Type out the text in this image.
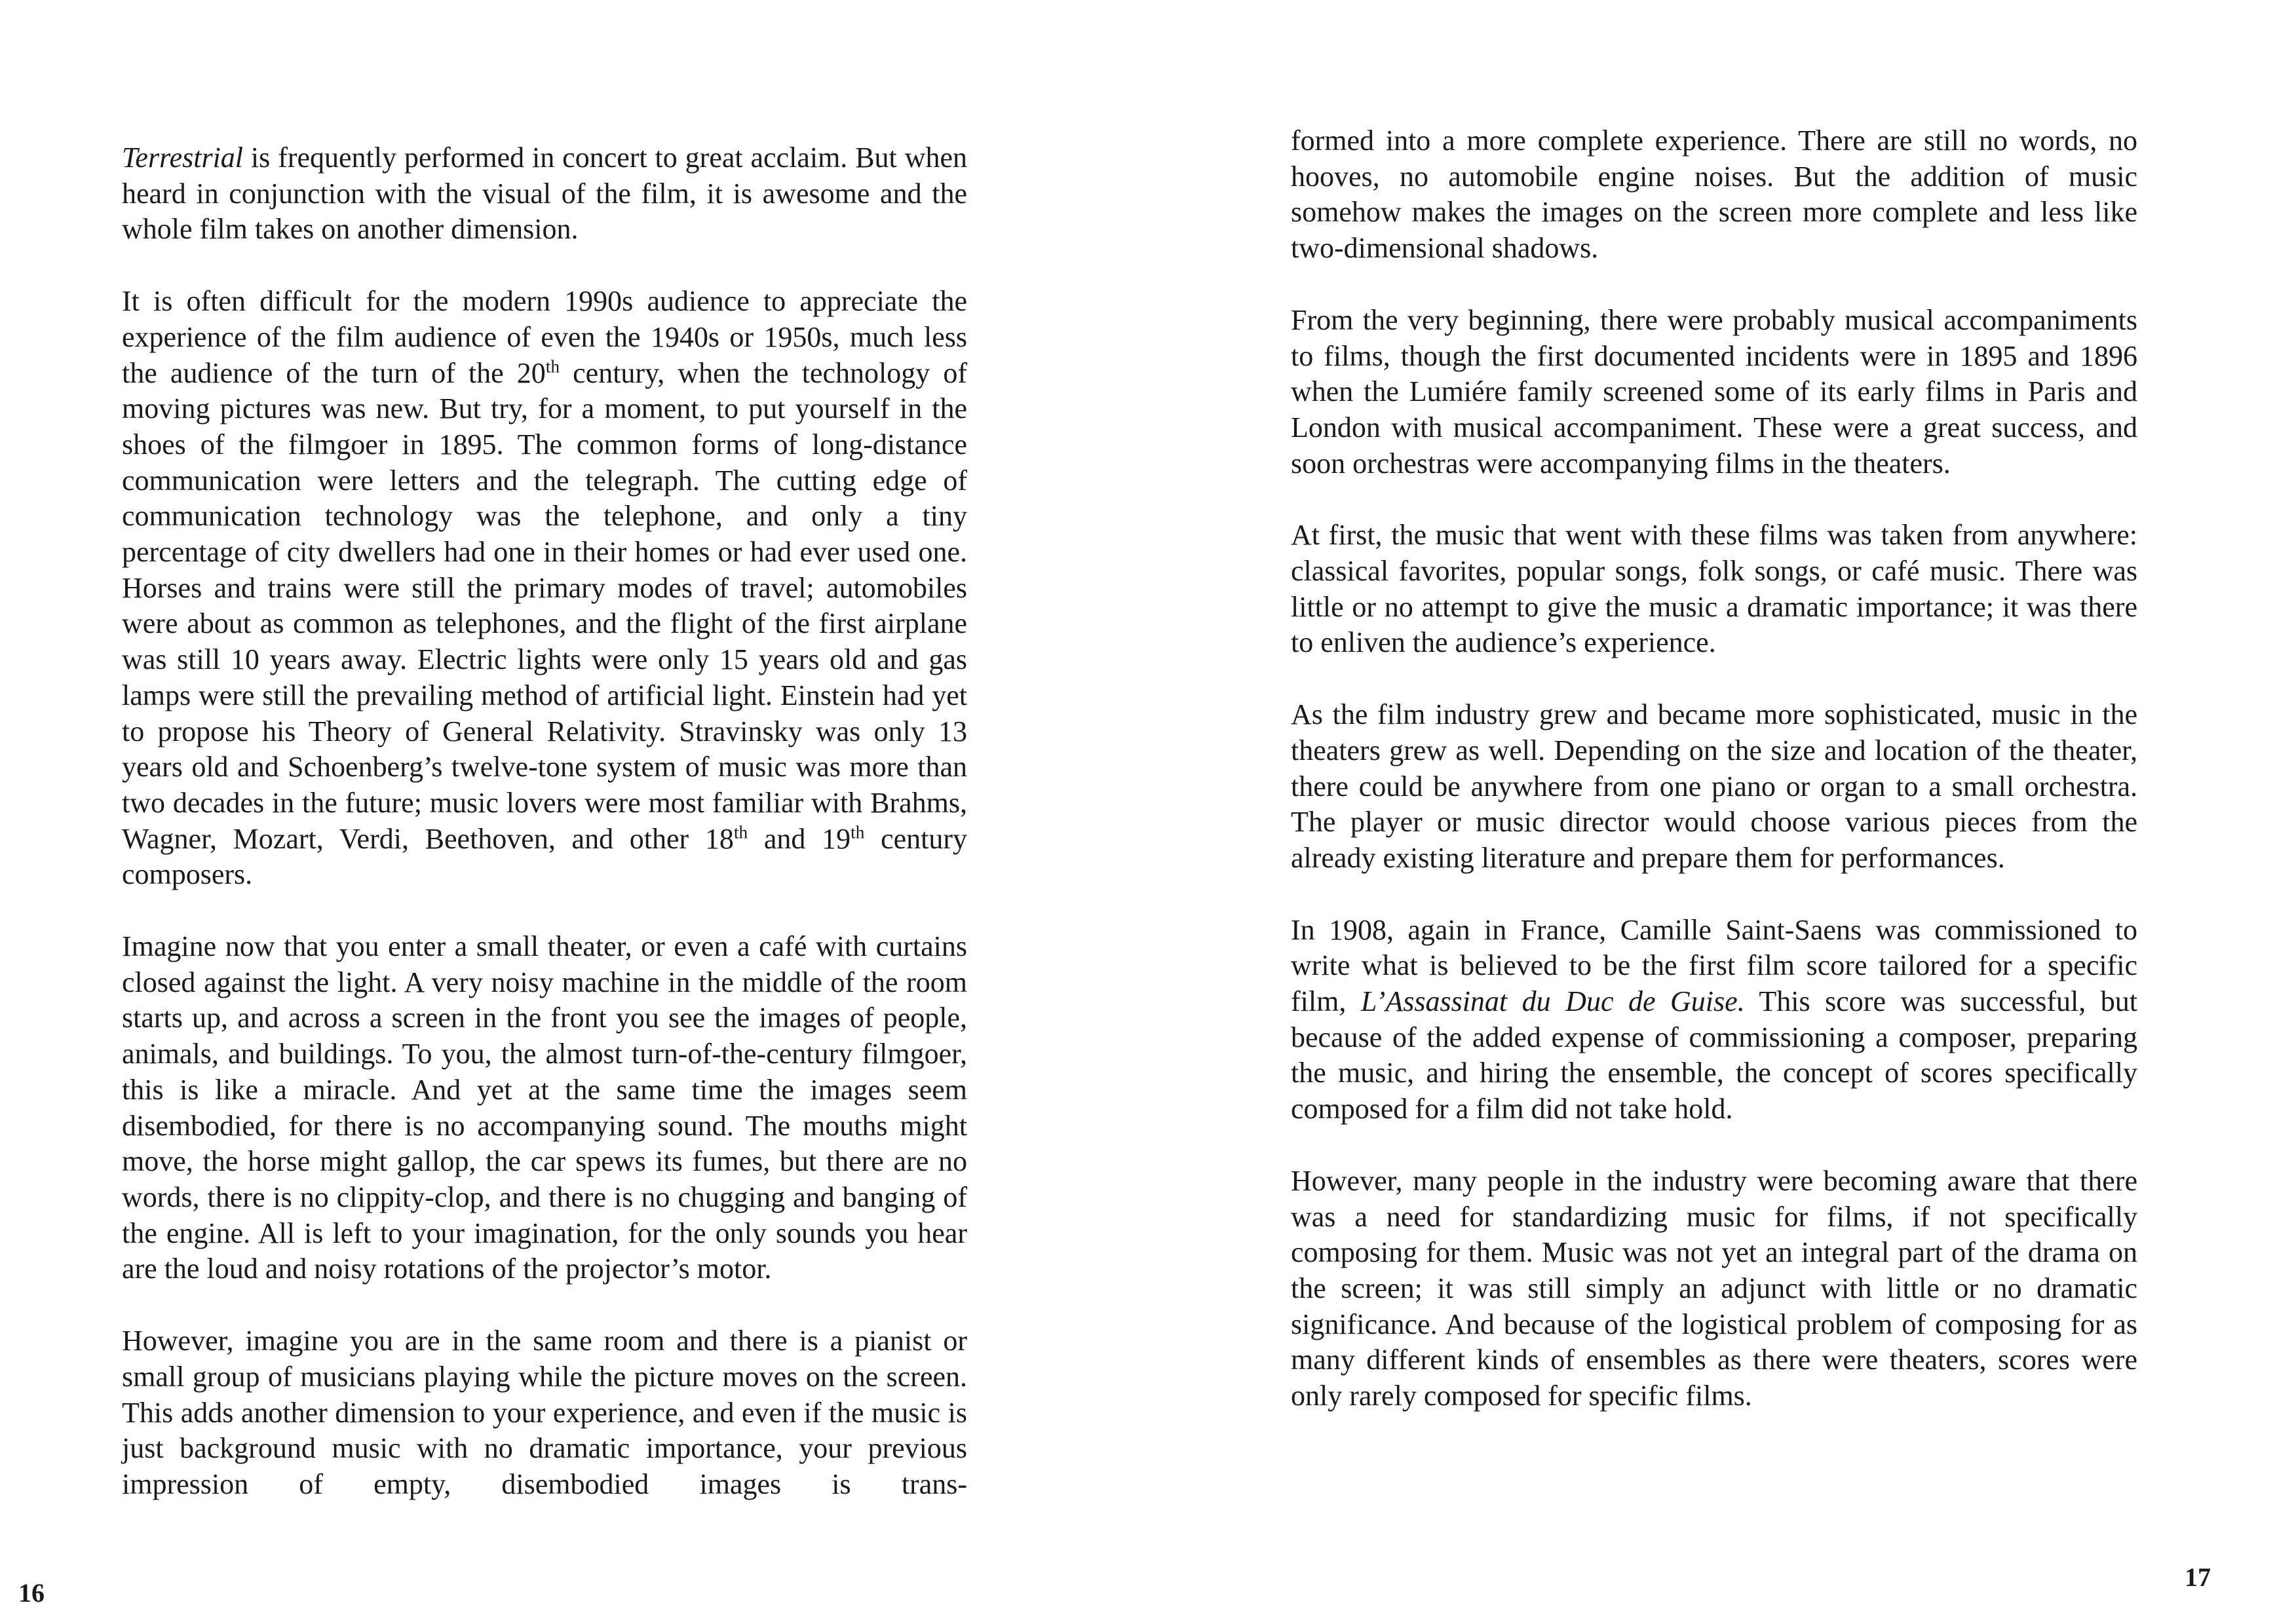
Terrestrial is frequently performed in concert to great acclaim. But when heard in conjunction with the visual of the film, it is awesome and the whole film takes on another dimension.

It is often difficult for the modern 1990s audience to appreciate the experience of the film audience of even the 1940s or 1950s, much less the audience of the turn of the 20th century, when the technology of moving pictures was new. But try, for a moment, to put yourself in the shoes of the filmgoer in 1895. The common forms of long-distance communication were letters and the telegraph. The cutting edge of communication technology was the telephone, and only a tiny percentage of city dwellers had one in their homes or had ever used one. Horses and trains were still the primary modes of travel; automobiles were about as common as telephones, and the flight of the first airplane was still 10 years away. Electric lights were only 15 years old and gas lamps were still the prevailing method of artificial light. Einstein had yet to propose his Theory of General Relativity. Stravinsky was only 13 years old and Schoenberg’s twelve-tone system of music was more than two decades in the future; music lovers were most familiar with Brahms, Wagner, Mozart, Verdi, Beethoven, and other 18th and 19th century composers.

Imagine now that you enter a small theater, or even a café with curtains closed against the light. A very noisy machine in the middle of the room starts up, and across a screen in the front you see the images of people, animals, and buildings. To you, the almost turn-of-the-century filmgoer, this is like a miracle. And yet at the same time the images seem disembodied, for there is no accompanying sound. The mouths might move, the horse might gallop, the car spews its fumes, but there are no words, there is no clippity-clop, and there is no chugging and banging of the engine. All is left to your imagination, for the only sounds you hear are the loud and noisy rotations of the projector’s motor.

However, imagine you are in the same room and there is a pianist or small group of musicians playing while the picture moves on the screen. This adds another dimension to your experience, and even if the music is just background music with no dramatic importance, your previous impression of empty, disembodied images is trans-

16

formed into a more complete experience. There are still no words, no hooves, no automobile engine noises. But the addition of music somehow makes the images on the screen more complete and less like two-dimensional shadows.

From the very beginning, there were probably musical accompaniments to films, though the first documented incidents were in 1895 and 1896 when the Lumiére family screened some of its early films in Paris and London with musical accompaniment. These were a great success, and soon orchestras were accompanying films in the theaters.

At first, the music that went with these films was taken from anywhere: classical favorites, popular songs, folk songs, or café music. There was little or no attempt to give the music a dramatic importance; it was there to enliven the audience’s experience.

As the film industry grew and became more sophisticated, music in the theaters grew as well. Depending on the size and location of the theater, there could be anywhere from one piano or organ to a small orchestra. The player or music director would choose various pieces from the already existing literature and prepare them for performances.

In 1908, again in France, Camille Saint-Saens was commissioned to write what is believed to be the first film score tailored for a specific film, L’Assassinat du Duc de Guise. This score was successful, but because of the added expense of commissioning a composer, preparing the music, and hiring the ensemble, the concept of scores specifically composed for a film did not take hold.

However, many people in the industry were becoming aware that there was a need for standardizing music for films, if not specifically composing for them. Music was not yet an integral part of the drama on the screen; it was still simply an adjunct with little or no dramatic significance. And because of the logistical problem of composing for as many different kinds of ensembles as there were theaters, scores were only rarely composed for specific films.

17
